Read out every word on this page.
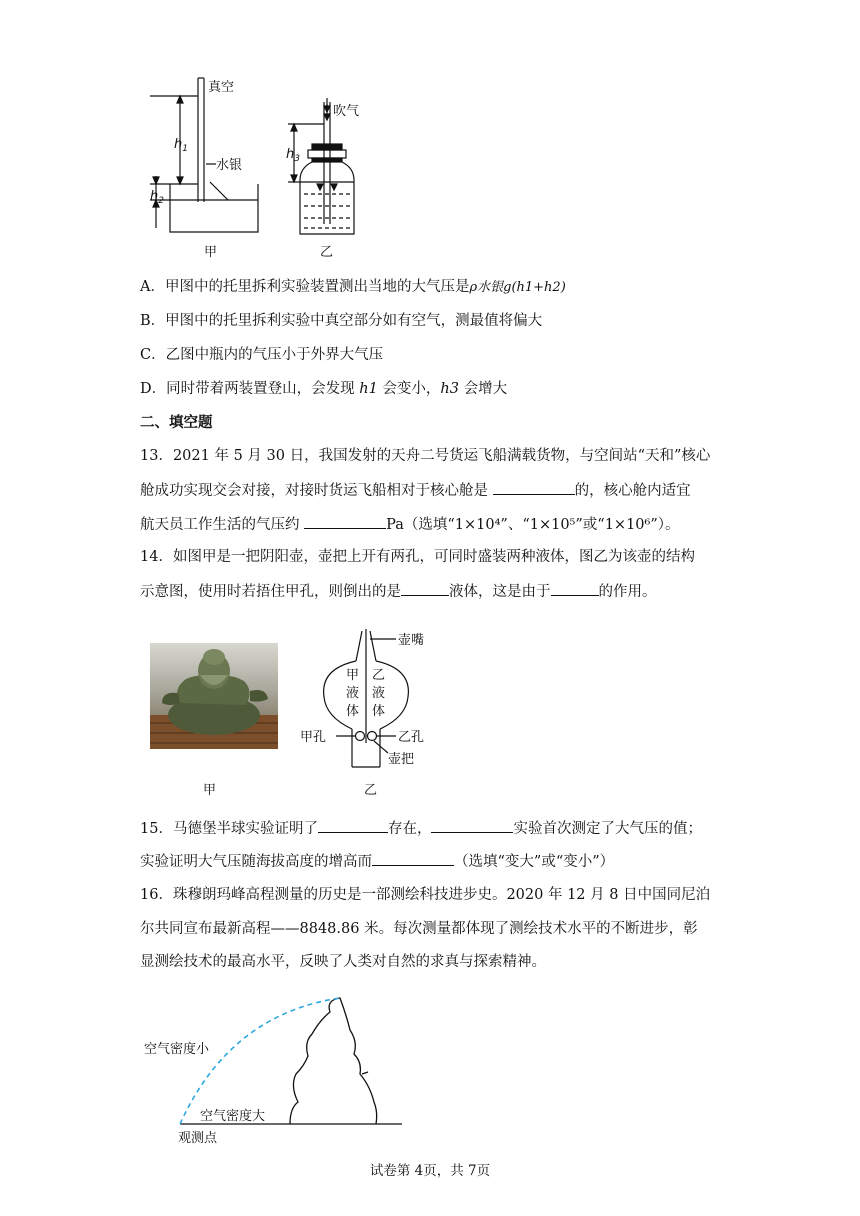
真空
水银
$h_1$
$h_2$
吹气
$h_3$
甲	乙
A．甲图中的托里拆利实验装置测出当地的大气压是ρ水银g(h1+h2)
B．甲图中的托里拆利实验中真空部分如有空气，测最值将偏大
C．乙图中瓶内的气压小于外界大气压
D．同时带着两装置登山，会发现 h1 会变小，h3 会增大
二、填空题
13．2021 年 5 月 30 日，我国发射的天舟二号货运飞船满载货物，与空间站“天和”核心
舱成功实现交会对接，对接时货运飞船相对于核心舱是	的，核心舱内适宜
航天员工作生活的气压约	Pa（选填“1×10⁴”、“1×10⁵”或“1×10⁶”）。
14．如图甲是一把阴阳壶，壶把上开有两孔，可同时盛装两种液体，图乙为该壶的结构
示意图，使用时若捂住甲孔，则倒出的是	液体，这是由于	的作用。
壶嘴
甲液体
乙液体
甲孔	乙孔
壶把
甲	乙
15．马德堡半球实验证明了	存在，	实验首次测定了大气压的值；
实验证明大气压随海拔高度的增高而	（选填“变大”或“变小”）
16．珠穆朗玛峰高程测量的历史是一部测绘科技进步史。2020 年 12 月 8 日中国同尼泊
尔共同宣布最新高程——8848.86 米。每次测量都体现了测绘技术水平的不断进步，彰
显测绘技术的最高水平，反映了人类对自然的求真与探索精神。
空气密度小
空气密度大
观测点
试卷第 4页，共 7页
